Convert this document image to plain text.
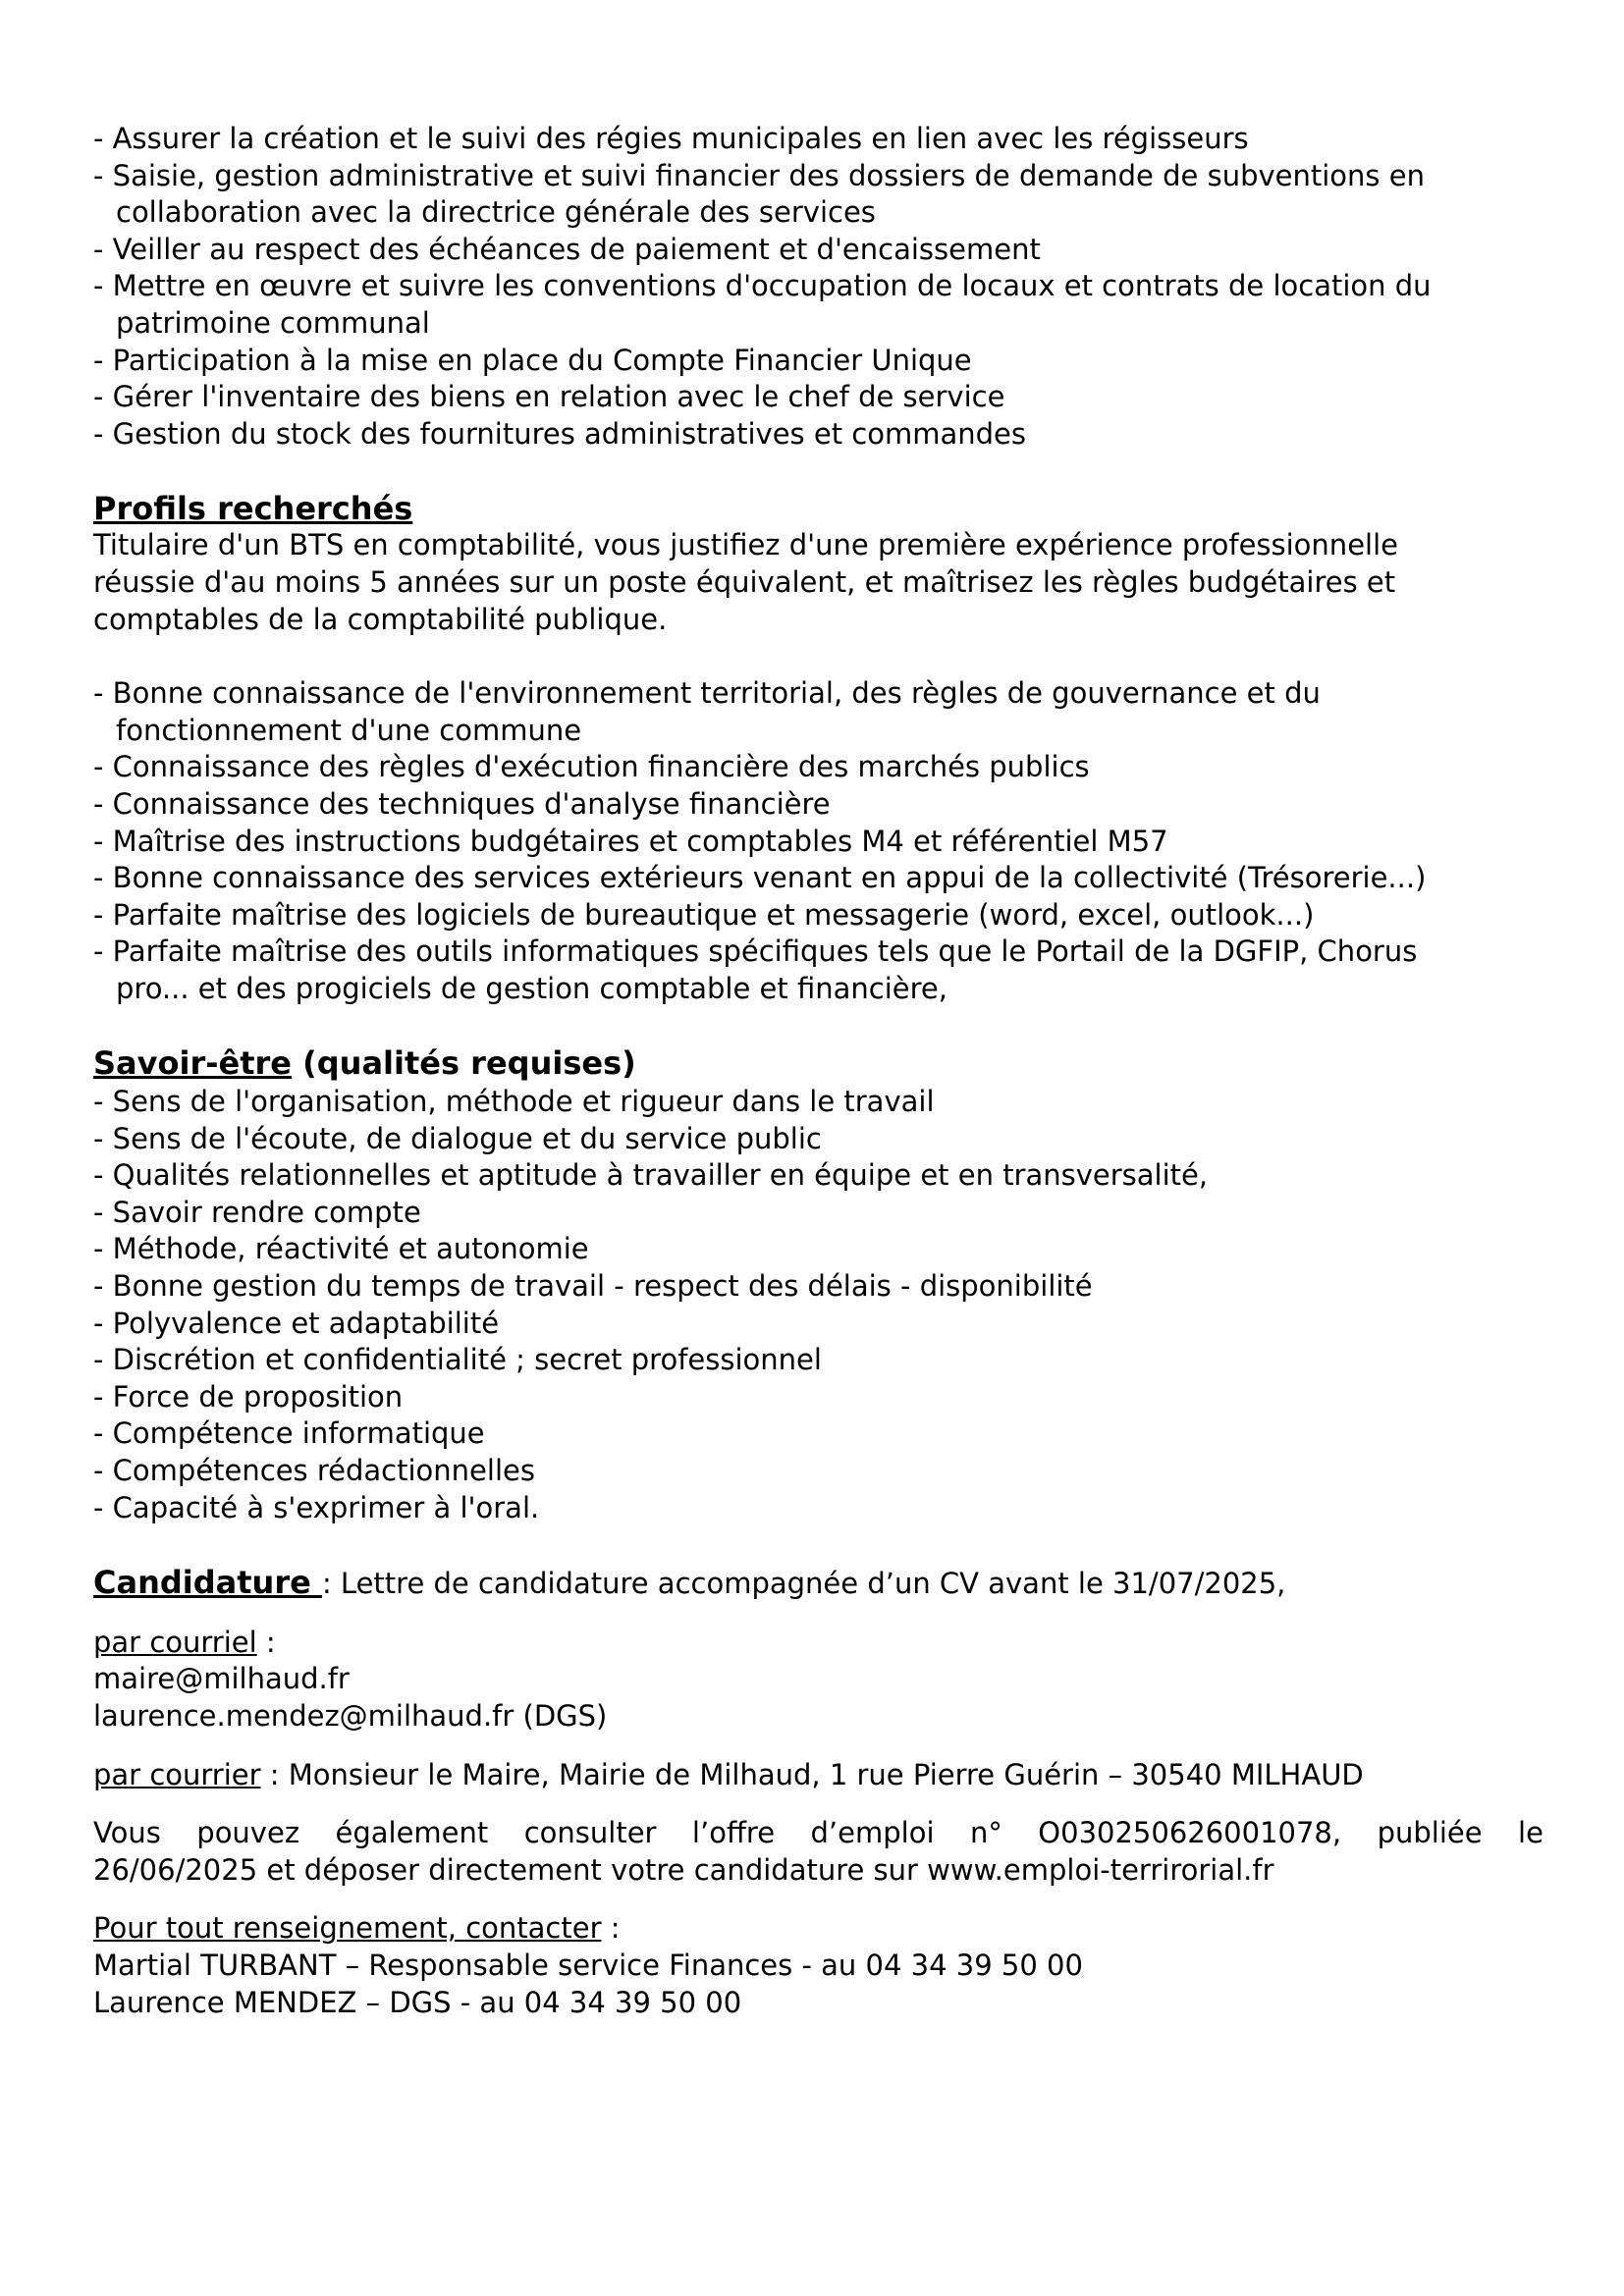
- Assurer la création et le suivi des régies municipales en lien avec les régisseurs

- Saisie, gestion administrative et suivi financier des dossiers de demande de subventions en

collaboration avec la directrice générale des services

- Veiller au respect des échéances de paiement et d'encaissement

- Mettre en œuvre et suivre les conventions d'occupation de locaux et contrats de location du

patrimoine communal

- Participation à la mise en place du Compte Financier Unique

- Gérer l'inventaire des biens en relation avec le chef de service

- Gestion du stock des fournitures administratives et commandes

Profils recherchés

Titulaire d'un BTS en comptabilité, vous justifiez d'une première expérience professionnelle

réussie d'au moins 5 années sur un poste équivalent, et maîtrisez les règles budgétaires et

comptables de la comptabilité publique.

- Bonne connaissance de l'environnement territorial, des règles de gouvernance et du

fonctionnement d'une commune

- Connaissance des règles d'exécution financière des marchés publics

- Connaissance des techniques d'analyse financière

- Maîtrise des instructions budgétaires et comptables M4 et référentiel M57

- Bonne connaissance des services extérieurs venant en appui de la collectivité (Trésorerie...)

- Parfaite maîtrise des logiciels de bureautique et messagerie (word, excel, outlook...)

- Parfaite maîtrise des outils informatiques spécifiques tels que le Portail de la DGFIP, Chorus

pro... et des progiciels de gestion comptable et financière,

Savoir-être (qualités requises)

- Sens de l'organisation, méthode et rigueur dans le travail

- Sens de l'écoute, de dialogue et du service public

- Qualités relationnelles et aptitude à travailler en équipe et en transversalité,

- Savoir rendre compte

- Méthode, réactivité et autonomie

- Bonne gestion du temps de travail - respect des délais - disponibilité

- Polyvalence et adaptabilité

- Discrétion et confidentialité ; secret professionnel

- Force de proposition

- Compétence informatique

- Compétences rédactionnelles

- Capacité à s'exprimer à l'oral.

Candidature : Lettre de candidature accompagnée d’un CV avant le 31/07/2025,

par courriel :

maire@milhaud.fr

laurence.mendez@milhaud.fr (DGS)

par courrier : Monsieur le Maire, Mairie de Milhaud, 1 rue Pierre Guérin – 30540 MILHAUD

Vous pouvez également consulter l’offre d’emploi n° O030250626001078, publiée le

26/06/2025 et déposer directement votre candidature sur www.emploi-terrirorial.fr

Pour tout renseignement, contacter :

Martial TURBANT – Responsable service Finances - au 04 34 39 50 00

Laurence MENDEZ – DGS - au 04 34 39 50 00
